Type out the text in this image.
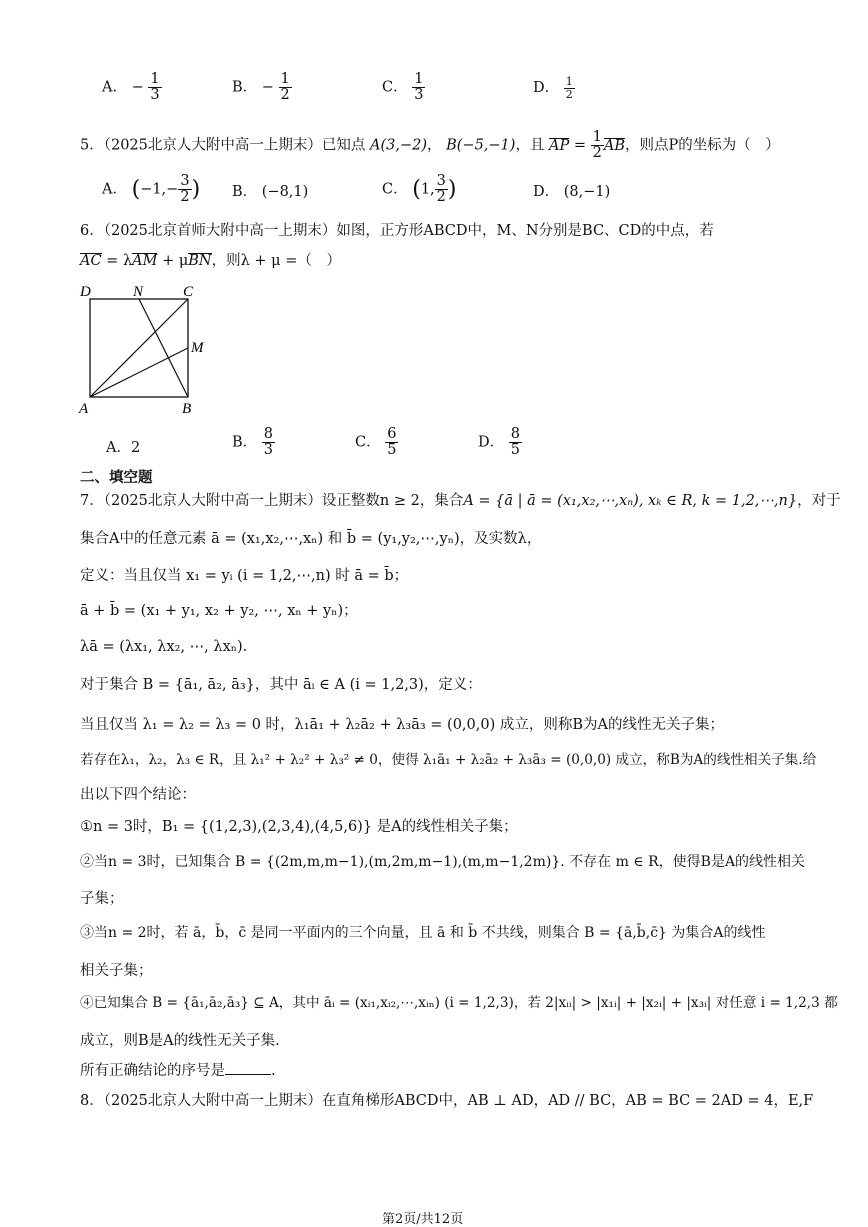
A． − $\frac{1}{3}$	B． − $\frac{1}{2}$	C． $\frac{1}{3}$	D． $\frac{1}{2}$
5．（2025北京人大附中高一上期末）已知点 A(3,−2)， B(−5,−1)，且 AP = $\frac{1}{2}$ AB，则点P的坐标为（　）
A． ($-1,- \frac{3}{2}$ ) B． (−8,1)	C． (1, $\frac{3}{2}$ )	D． (8,−1)
6．（2025北京首师大附中高一上期末）如图，正方形ABCD中，M、N分别是BC、CD的中点，若
AC = λAM + μBN，则λ + μ =（　）
D	N	C
M
A	B
A．2	B． $\frac{8}{3}$	C． $\frac{6}{5}$	D． $\frac{8}{5}$
二、填空题
7．（2025北京人大附中高一上期末）设正整数n ≥ 2，集合A = {ā | ā = (x₁,x₂,⋯,xₙ), xₖ ∈ R, k = 1,2,⋯,n}，对于
集合A中的任意元素 ā = (x₁,x₂,⋯,xₙ) 和 b̄ = (y₁,y₂,⋯,yₙ)，及实数λ，
定义：当且仅当 x₁ = yᵢ (i = 1,2,⋯,n) 时 ā = b̄；
ā + b̄ = (x₁ + y₁, x₂ + y₂, ⋯, xₙ + yₙ)；
λā = (λx₁, λx₂, ⋯, λxₙ).
对于集合 B = {ā₁, ā₂, ā₃}，其中 āᵢ ∈ A (i = 1,2,3)，定义：
当且仅当 λ₁ = λ₂ = λ₃ = 0 时，λ₁ā₁ + λ₂ā₂ + λ₃ā₃ = (0,0,0) 成立，则称B为A的线性无关子集；
若存在λ₁，λ₂，λ₃ ∈ R，且 λ₁² + λ₂² + λ₃² ≠ 0，使得 λ₁ā₁ + λ₂ā₂ + λ₃ā₃ = (0,0,0) 成立，称B为A的线性相关子集.给
出以下四个结论：
①n = 3时，B₁ = {(1,2,3),(2,3,4),(4,5,6)} 是A的线性相关子集；
②当n = 3时，已知集合 B = {(2m,m,m−1),(m,2m,m−1),(m,m−1,2m)}. 不存在 m ∈ R，使得B是A的线性相关
子集；
③当n = 2时，若 ā，b̄，c̄ 是同一平面内的三个向量，且 ā 和 b̄ 不共线，则集合 B = {ā,b̄,c̄} 为集合A的线性
相关子集；
④已知集合 B = {ā₁,ā₂,ā₃} ⊆ A，其中 āᵢ = (xᵢ₁,xᵢ₂,⋯,xᵢₙ) (i = 1,2,3)，若 2|xᵢᵢ| > |x₁ᵢ| + |x₂ᵢ| + |x₃ᵢ| 对任意 i = 1,2,3 都
成立，则B是A的线性无关子集.
所有正确结论的序号是	.
8．（2025北京人大附中高一上期末）在直角梯形ABCD中，AB ⊥ AD，AD // BC，AB = BC = 2AD = 4，E,F
第2页/共12页
